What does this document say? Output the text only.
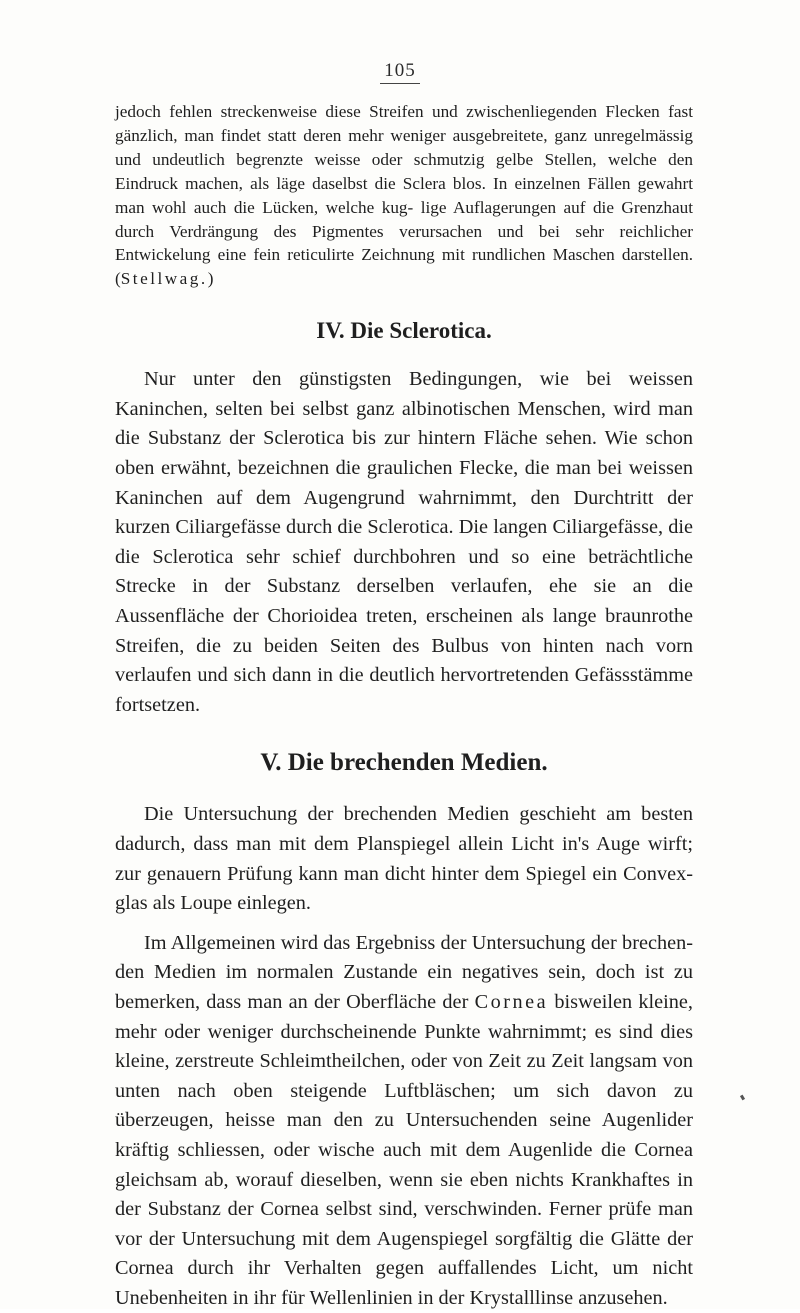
105

jedoch fehlen streckenweise diese Streifen und zwischenliegenden Flecken fast gänzlich, man findet statt deren mehr weniger ausgebreitete, ganz unregelmässig und undeutlich begrenzte weisse oder schmutzig gelbe Stellen, welche den Eindruck machen, als läge daselbst die Sclera blos. In einzelnen Fällen gewahrt man wohl auch die Lücken, welche kug- lige Auflagerungen auf die Grenzhaut durch Verdrängung des Pigmentes verursachen und bei sehr reichlicher Entwickelung eine fein reticulirte Zeichnung mit rundlichen Maschen darstellen. (Stellwag.)

IV. Die Sclerotica.

Nur unter den günstigsten Bedingungen, wie bei weissen Kaninchen, selten bei selbst ganz albinotischen Menschen, wird man die Substanz der Sclerotica bis zur hintern Fläche sehen. Wie schon oben erwähnt, bezeichnen die graulichen Flecke, die man bei weissen Kaninchen auf dem Augengrund wahrnimmt, den Durchtritt der kurzen Ciliargefässe durch die Sclerotica. Die langen Ciliargefässe, die die Sclerotica sehr schief durchbohren und so eine beträchtliche Strecke in der Substanz derselben verlaufen, ehe sie an die Aussenfläche der Chorioidea treten, erscheinen als lange braunrothe Streifen, die zu beiden Seiten des Bulbus von hinten nach vorn verlaufen und sich dann in die deutlich hervortretenden Gefässstämme fortsetzen.

V. Die brechenden Medien.

Die Untersuchung der brechenden Medien geschieht am besten dadurch, dass man mit dem Planspiegel allein Licht in's Auge wirft; zur genauern Prüfung kann man dicht hinter dem Spiegel ein Convex- glas als Loupe einlegen.

Im Allgemeinen wird das Ergebniss der Untersuchung der brechen- den Medien im normalen Zustande ein negatives sein, doch ist zu bemerken, dass man an der Oberfläche der Cornea bisweilen kleine, mehr oder weniger durchscheinende Punkte wahrnimmt; es sind dies kleine, zerstreute Schleimtheilchen, oder von Zeit zu Zeit langsam von unten nach oben steigende Luftbläschen; um sich davon zu überzeugen, heisse man den zu Untersuchenden seine Augenlider kräftig schliessen, oder wische auch mit dem Augenlide die Cornea gleichsam ab, worauf dieselben, wenn sie eben nichts Krankhaftes in der Substanz der Cornea selbst sind, verschwinden. Ferner prüfe man vor der Untersuchung mit dem Augenspiegel sorgfältig die Glätte der Cornea durch ihr Verhalten gegen auffallendes Licht, um nicht Unebenheiten in ihr für Wellenlinien in der Krystalllinse anzusehen.
